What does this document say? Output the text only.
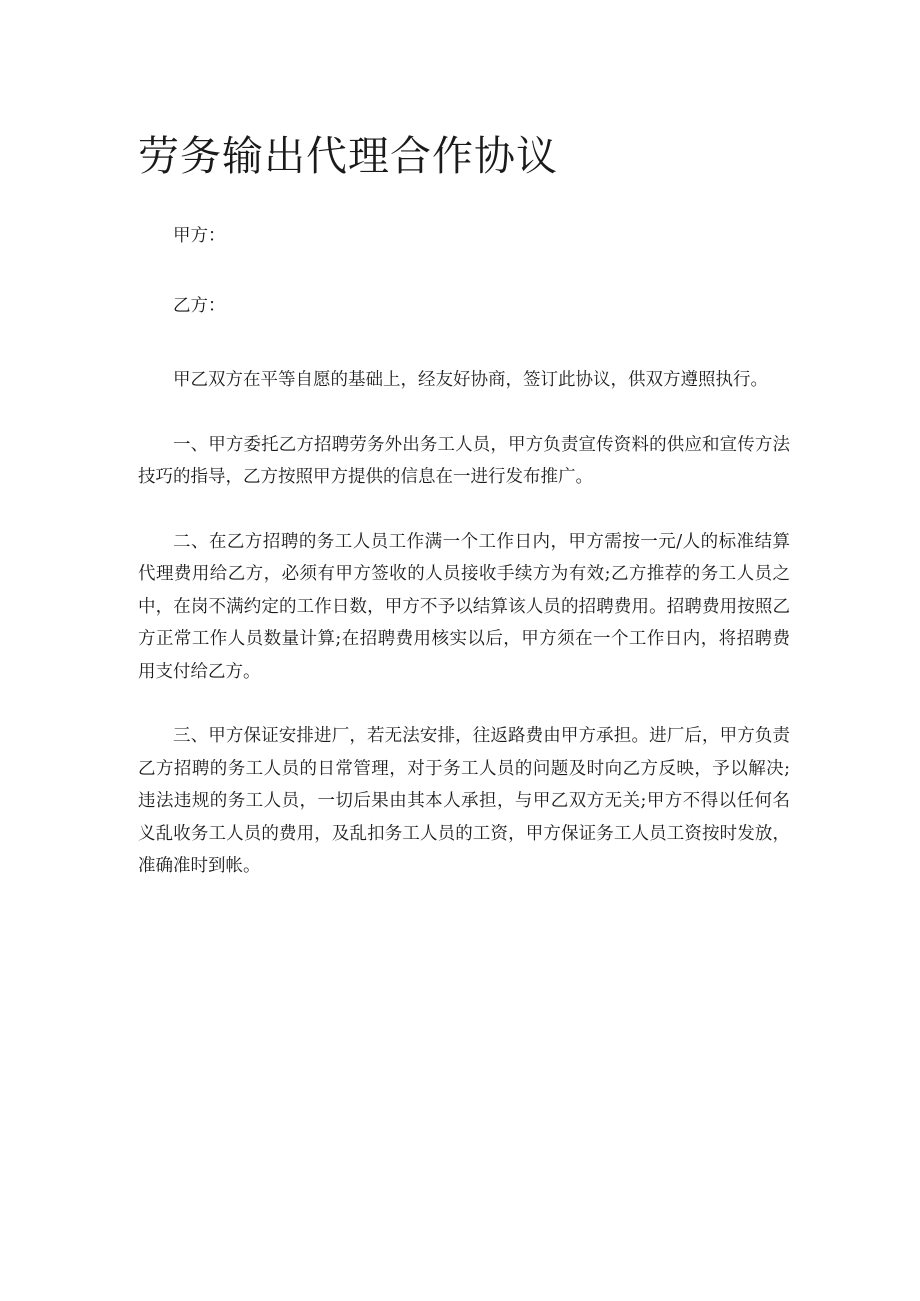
劳务输出代理合作协议

甲方：

乙方：

甲乙双方在平等自愿的基础上，经友好协商，签订此协议，供双方遵照执行。

一、甲方委托乙方招聘劳务外出务工人员，甲方负责宣传资料的供应和宣传方法技巧的指导，乙方按照甲方提供的信息在一进行发布推广。

二、在乙方招聘的务工人员工作满一个工作日内，甲方需按一元/人的标准结算代理费用给乙方，必须有甲方签收的人员接收手续方为有效;乙方推荐的务工人员之中，在岗不满约定的工作日数，甲方不予以结算该人员的招聘费用。招聘费用按照乙方正常工作人员数量计算;在招聘费用核实以后，甲方须在一个工作日内，将招聘费用支付给乙方。

三、甲方保证安排进厂，若无法安排，往返路费由甲方承担。进厂后，甲方负责乙方招聘的务工人员的日常管理，对于务工人员的问题及时向乙方反映，予以解决;违法违规的务工人员，一切后果由其本人承担，与甲乙双方无关;甲方不得以任何名义乱收务工人员的费用，及乱扣务工人员的工资，甲方保证务工人员工资按时发放，准确准时到帐。
